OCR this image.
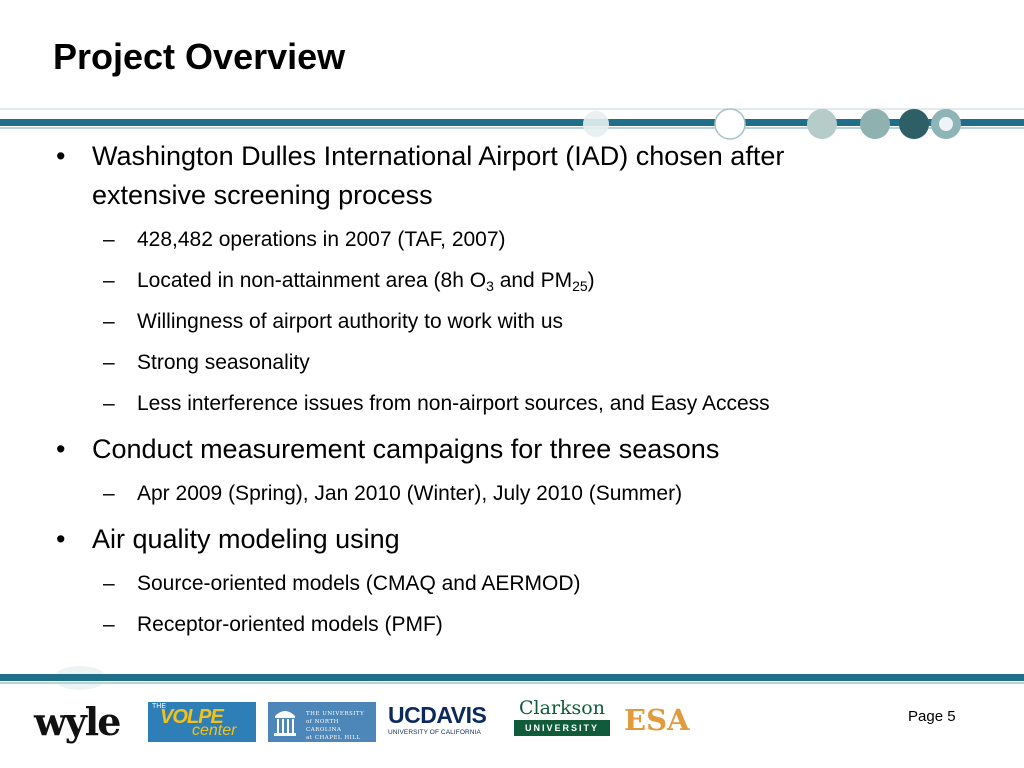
Project Overview
• Washington Dulles International Airport (IAD) chosen after
extensive screening process
– 428,482 operations in 2007 (TAF, 2007)
– Located in non-attainment area (8h $O_3$ and $PM_{25}$)
– Willingness of airport authority to work with us
– Strong seasonality
– Less interference issues from non-airport sources, and Easy Access
• Conduct measurement campaigns for three seasons
– Apr 2009 (Spring), Jan 2010 (Winter), July 2010 (Summer)
• Air quality modeling using
– Source-oriented models (CMAQ and AERMOD)
– Receptor-oriented models (PMF)
wyle	THE
VOLPE
center
THE UNIVERSITY
of NORTH CAROLINA
at CHAPEL HILL
UCDAVIS
UNIVERSITY OF CALIFORNIA
Clarkson
UNIVERSITY ESA	Page 5
